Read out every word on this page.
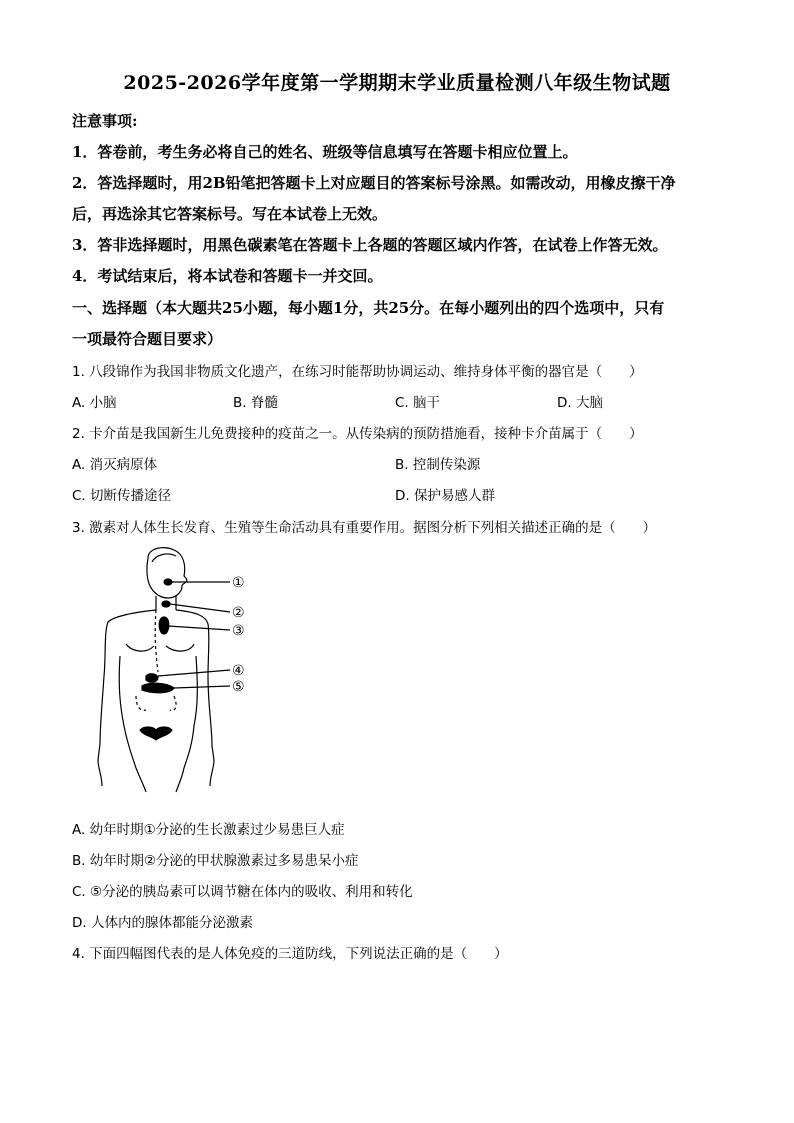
2025-2026学年度第一学期期末学业质量检测八年级生物试题
注意事项:
1．答卷前，考生务必将自己的姓名、班级等信息填写在答题卡相应位置上。
2．答选择题时，用2B铅笔把答题卡上对应题目的答案标号涂黑。如需改动，用橡皮擦干净
后，再选涂其它答案标号。写在本试卷上无效。
3．答非选择题时，用黑色碳素笔在答题卡上各题的答题区域内作答，在试卷上作答无效。
4．考试结束后，将本试卷和答题卡一并交回。
一、选择题（本大题共25小题，每小题1分，共25分。在每小题列出的四个选项中，只有
一项最符合题目要求）
1. 八段锦作为我国非物质文化遗产，在练习时能帮助协调运动、维持身体平衡的器官是（　　）
A. 小脑	B. 脊髓	C. 脑干	D. 大脑
2. 卡介苗是我国新生儿免费接种的疫苗之一。从传染病的预防措施看，接种卡介苗属于（　　）
A. 消灭病原体	B. 控制传染源
C. 切断传播途径	D. 保护易感人群
3. 激素对人体生长发育、生殖等生命活动具有重要作用。据图分析下列相关描述正确的是（　　）
①
②
③
④
⑤
A. 幼年时期①分泌的生长激素过少易患巨人症
B. 幼年时期②分泌的甲状腺激素过多易患呆小症
C. ⑤分泌的胰岛素可以调节糖在体内的吸收、利用和转化
D. 人体内的腺体都能分泌激素
4. 下面四幅图代表的是人体免疫的三道防线，下列说法正确的是（　　）
